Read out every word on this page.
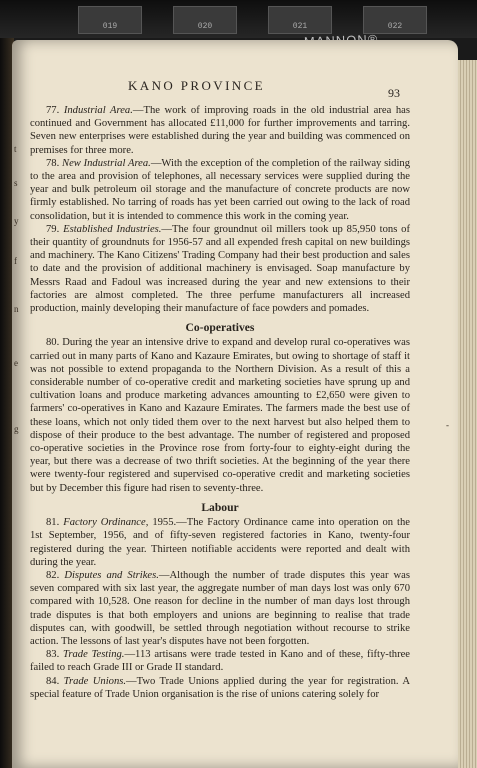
019	020	021	022
KANO PROVINCE	93

77. Industrial Area.—The work of improving roads in the old industrial area has continued and Government has allocated £11,000 for further improvements and tarring. Seven new enterprises were established during the year and building was commenced on premises for three more.

78. New Industrial Area.—With the exception of the completion of the railway siding to the area and provision of telephones, all necessary services were supplied during the year and bulk petroleum oil storage and the manufacture of concrete products are now firmly established. No tarring of roads has yet been carried out owing to the lack of road consolidation, but it is intended to commence this work in the coming year.

79. Established Industries.—The four groundnut oil millers took up 85,950 tons of their quantity of groundnuts for 1956-57 and all expended fresh capital on new buildings and machinery. The Kano Citizens' Trading Company had their best production and sales to date and the provision of additional machinery is envisaged. Soap manufacture by Messrs Raad and Fadoul was increased during the year and new extensions to their factories are almost completed. The three perfume manufacturers all increased production, mainly developing their manufacture of face powders and pomades.

Co-operatives

80. During the year an intensive drive to expand and develop rural co-operatives was carried out in many parts of Kano and Kazaure Emirates, but owing to shortage of staff it was not possible to extend propaganda to the Northern Division. As a result of this a considerable number of co-operative credit and marketing societies have sprung up and cultivation loans and produce marketing advances amounting to £2,650 were given to farmers' co-operatives in Kano and Kazaure Emirates. The farmers made the best use of these loans, which not only tided them over to the next harvest but also helped them to dispose of their produce to the best advantage. The number of registered and proposed co-operative societies in the Province rose from forty-four to eighty-eight during the year, but there was a decrease of two thrift societies. At the beginning of the year there were twenty-four registered and supervised co-operative credit and marketing societies but by December this figure had risen to seventy-three.

Labour

81. Factory Ordinance, 1955.—The Factory Ordinance came into operation on the 1st September, 1956, and of fifty-seven registered factories in Kano, twenty-four registered during the year. Thirteen notifiable accidents were reported and dealt with during the year.

82. Disputes and Strikes.—Although the number of trade disputes this year was seven compared with six last year, the aggregate number of man days lost was only 670 compared with 10,528. One reason for decline in the number of man days lost through trade disputes is that both employers and unions are beginning to realise that trade disputes can, with goodwill, be settled through negotiation without recourse to strike action. The lessons of last year's disputes have not been forgotten.

83. Trade Testing.—113 artisans were trade tested in Kano and of these, fifty-three failed to reach Grade III or Grade II standard.

84. Trade Unions.—Two Trade Unions applied during the year for registration. A special feature of Trade Union organisation is the rise of unions catering solely for

t
s
y
f
n
e
g	-
